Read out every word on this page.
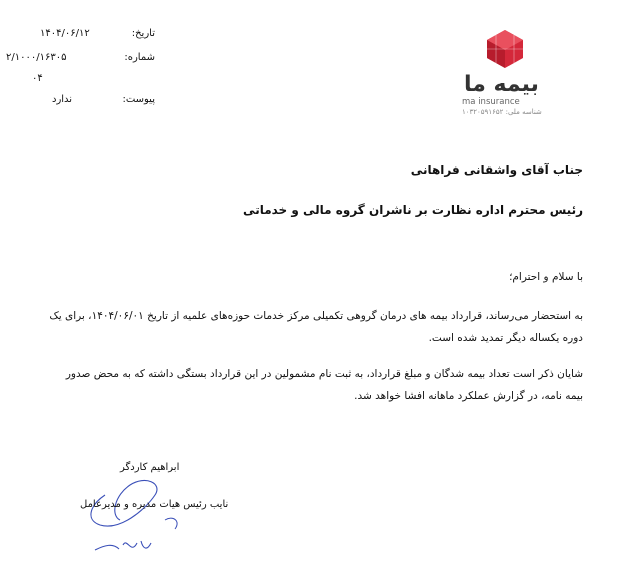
تاریخ:
۱۴۰۴/۰۶/۱۲
شماره:
۲/۱۰۰۰/۱۶۳۰۵
۰۴
پیوست:
ندارد
بیمه ما
ma insurance
شناسه ملی: ۱۰۳۲۰۵۹۱۶۵۲
جناب آقای واشقانی فراهانی
رئیس محترم اداره نظارت بر ناشران گروه مالی و خدماتی
با سلام و احترام؛
به استحضار می‌رساند، قرارداد بیمه های درمان گروهی تکمیلی مرکز خدمات حوزه‌های علمیه از تاریخ ۱۴۰۴/۰۶/۰۱، برای یک دوره یکساله دیگر تمدید شده است.
شایان ذکر است تعداد بیمه شدگان و مبلغ قرارداد، به ثبت نام مشمولین در این قرارداد بستگی داشته که به محض صدور بیمه نامه، در گزارش عملکرد ماهانه افشا خواهد شد.
ابراهیم کاردگر
نایب رئیس هیات مدیره و مدیرعامل
